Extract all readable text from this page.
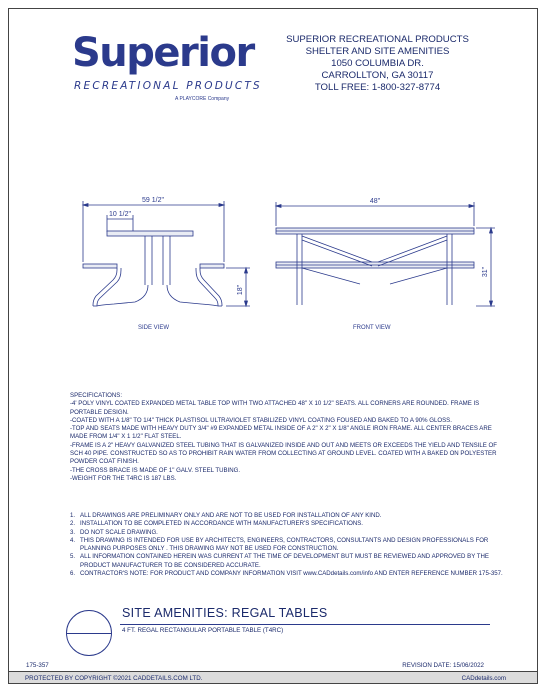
Superior
RECREATIONAL PRODUCTS
A PLAYCORE Company
SUPERIOR RECREATIONAL PRODUCTS
SHELTER AND SITE AMENITIES
1050 COLUMBIA DR.
CARROLLTON, GA 30117
TOLL FREE: 1-800-327-8774
59 1/2"
10 1/2"
18"
48"
31"
SIDE VIEW	FRONT VIEW

SPECIFICATIONS:

-4' POLY VINYL COATED EXPANDED METAL TABLE TOP WITH TWO ATTACHED 48" X 10 1/2" SEATS. ALL CORNERS ARE ROUNDED. FRAME IS PORTABLE DESIGN.

-COATED WITH A 1/8" TO 1/4" THICK PLASTISOL ULTRAVIOLET STABILIZED VINYL COATING FOUSED AND BAKED TO A 90% GLOSS.

-TOP AND SEATS MADE WITH HEAVY DUTY 3/4" #9 EXPANDED METAL INSIDE OF A 2" X 2" X 1/8" ANGLE IRON FRAME. ALL CENTER BRACES ARE MADE FROM 1/4" X 1 1/2" FLAT STEEL.

-FRAME IS A 2" HEAVY GALVANIZED STEEL TUBING THAT IS GALVANIZED INSIDE AND OUT AND MEETS OR EXCEEDS THE YIELD AND TENSILE OF SCH 40 PIPE. CONSTRUCTED SO AS TO PROHIBIT RAIN WATER FROM COLLECTING AT GROUND LEVEL. COATED WITH A BAKED ON POLYESTER POWDER COAT FINISH.

-THE CROSS BRACE IS MADE OF 1" GALV. STEEL TUBING.

-WEIGHT FOR THE T4RC IS 187 LBS.

1. ALL DRAWINGS ARE PRELIMINARY ONLY AND ARE NOT TO BE USED FOR INSTALLATION OF ANY KIND.
2. INSTALLATION TO BE COMPLETED IN ACCORDANCE WITH MANUFACTURER'S SPECIFICATIONS.
3. DO NOT SCALE DRAWING.
4. THIS DRAWING IS INTENDED FOR USE BY ARCHITECTS, ENGINEERS, CONTRACTORS, CONSULTANTS AND DESIGN PROFESSIONALS FOR PLANNING PURPOSES ONLY . THIS DRAWING MAY NOT BE USED FOR CONSTRUCTION.
5. ALL INFORMATION CONTAINED HEREIN WAS CURRENT AT THE TIME OF DEVELOPMENT BUT MUST BE REVIEWED AND APPROVED BY THE PRODUCT MANUFACTURER TO BE CONSIDERED ACCURATE.
6. CONTRACTOR'S NOTE: FOR PRODUCT AND COMPANY INFORMATION VISIT www.CADdetails.com/info AND ENTER REFERENCE NUMBER 175-357.
SITE AMENITIES: REGAL TABLES
4 FT. REGAL RECTANGULAR PORTABLE TABLE (T4RC)
175-357	REVISION DATE: 15/06/2022
PROTECTED BY COPYRIGHT ©2021 CADDETAILS.COM LTD.	CADdetails.com
